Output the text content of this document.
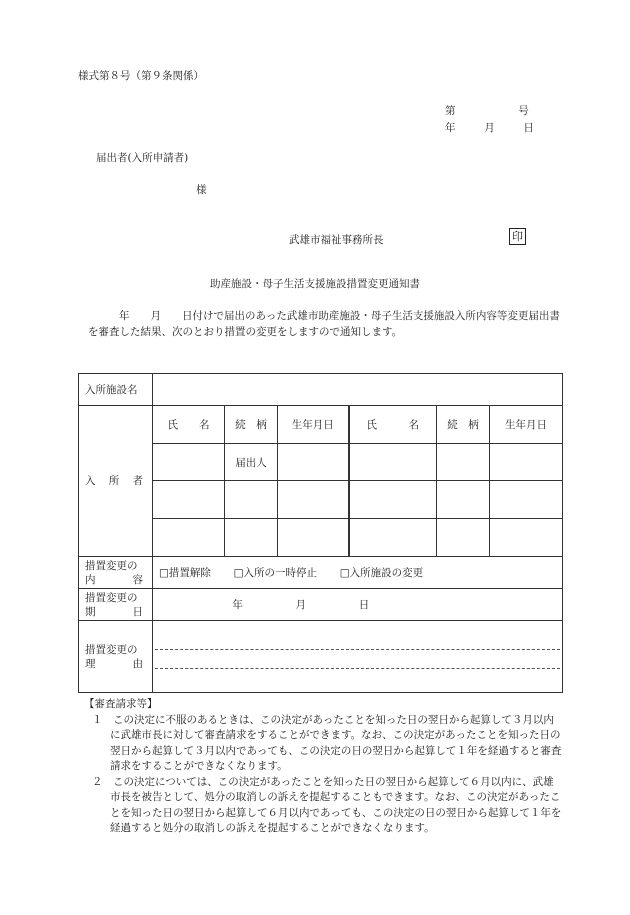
様式第８号（第９条関係）
第	号
年	月	日
届出者(入所申請者)
様
武雄市福祉事務所長	印
助産施設・母子生活支援施設措置変更通知書
年　　月　　日付けで届出のあった武雄市助産施設・母子生活支援施設入所内容等変更届出書を審査した結果、次のとおり措置の変更をしますので通知します。
入所施設名						

入　所　者	氏　　名	続　柄	生年月日	氏　　　名	続　柄	生年月日
		届出人				

措置変更の
内　　容	□措置解除 □入所の一時停止 □入所施設の変更					

措置変更の
期　　日	年 月 日					

措置変更の
理　　由						

【審査請求等】
１　この決定に不服のあるときは、この決定があったことを知った日の翌日から起算して３月以内に武雄市長に対して審査請求をすることができます。なお、この決定があったことを知った日の翌日から起算して３月以内であっても、この決定の日の翌日から起算して１年を経過すると審査請求をすることができなくなります。
２　この決定については、この決定があったことを知った日の翌日から起算して６月以内に、武雄市長を被告として、処分の取消しの訴えを提起することもできます。なお、この決定があったことを知った日の翌日から起算して６月以内であっても、この決定の日の翌日から起算して１年を経過すると処分の取消しの訴えを提起することができなくなります。
